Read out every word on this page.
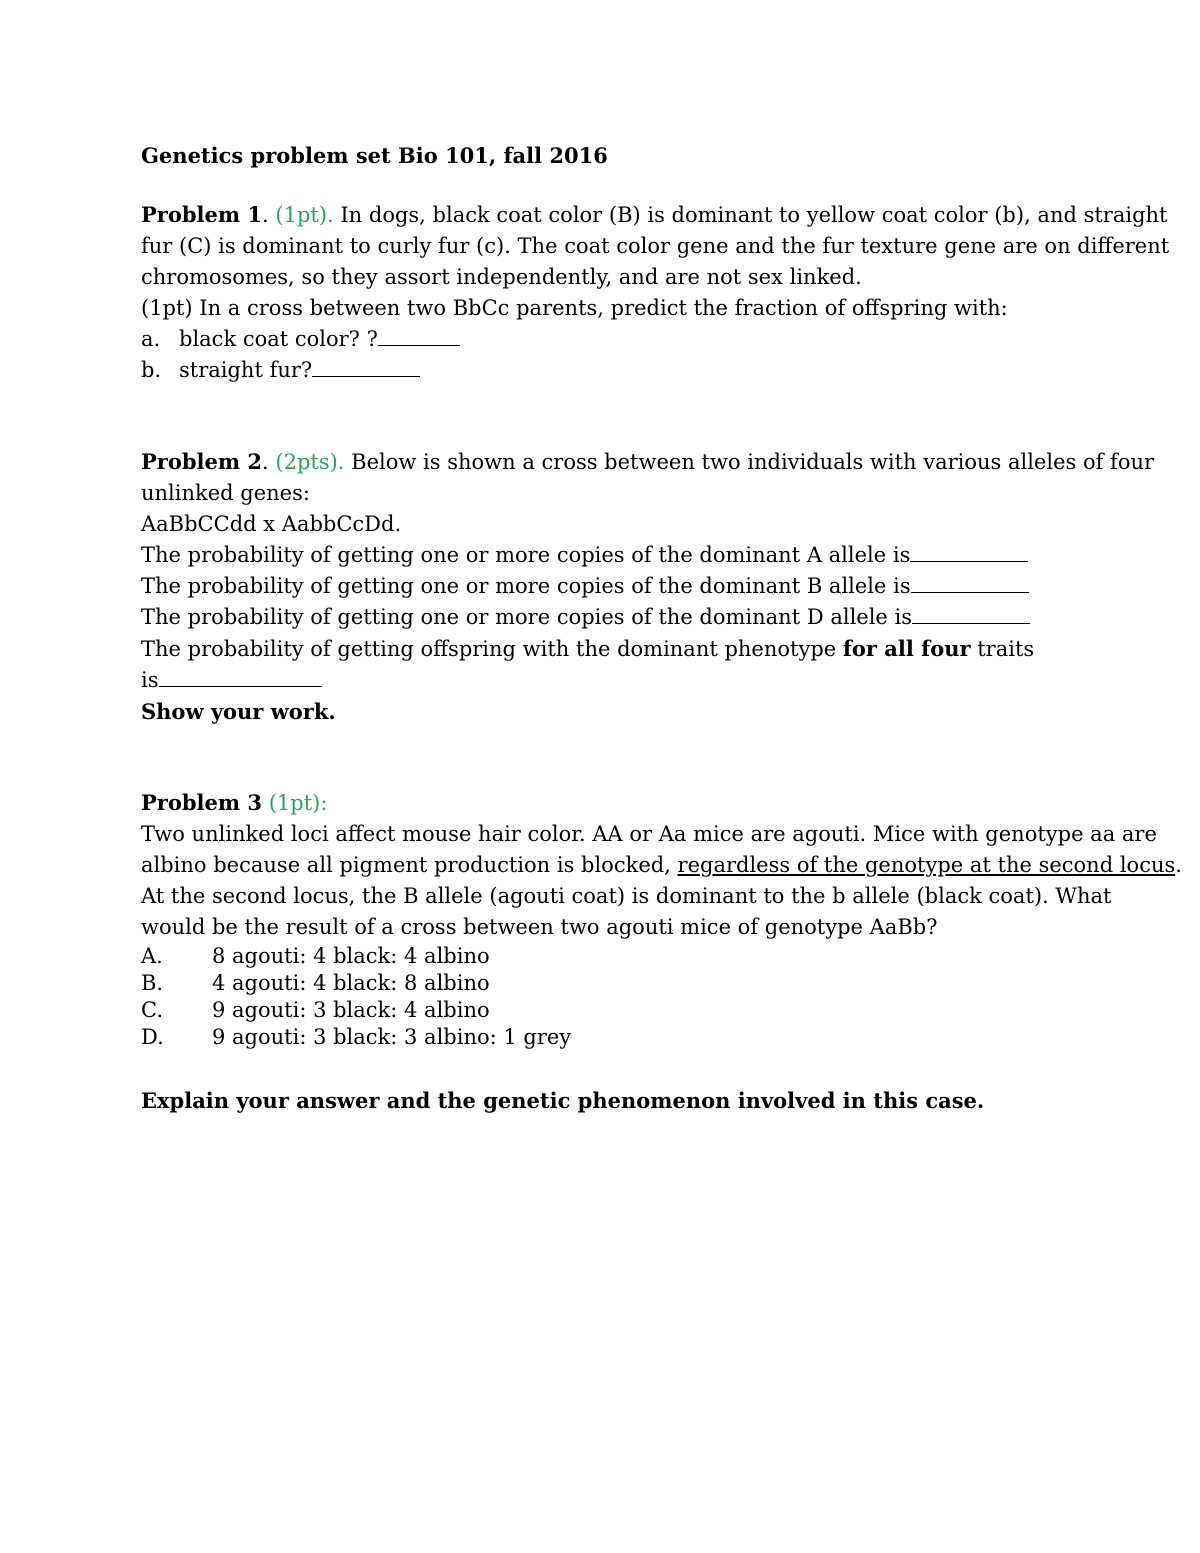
Genetics problem set Bio 101, fall 2016
Problem 1. (1pt). In dogs, black coat color (B) is dominant to yellow coat color (b), and straight
fur (C) is dominant to curly fur (c). The coat color gene and the fur texture gene are on different
chromosomes, so they assort independently, and are not sex linked.
(1pt) In a cross between two BbCc parents, predict the fraction of offspring with:
a. black coat color? ?
b. straight fur?
Problem 2. (2pts). Below is shown a cross between two individuals with various alleles of four
unlinked genes:
AaBbCCdd x AabbCcDd.
The probability of getting one or more copies of the dominant A allele is
The probability of getting one or more copies of the dominant B allele is
The probability of getting one or more copies of the dominant D allele is
The probability of getting offspring with the dominant phenotype for all four traits
is
Show your work.
Problem 3 (1pt):
Two unlinked loci affect mouse hair color. AA or Aa mice are agouti. Mice with genotype aa are
albino because all pigment production is blocked, regardless of the genotype at the second locus.
At the second locus, the B allele (agouti coat) is dominant to the b allele (black coat). What
would be the result of a cross between two agouti mice of genotype AaBb?
A.	8 agouti: 4 black: 4 albino
B.	4 agouti: 4 black: 8 albino
C.	9 agouti: 3 black: 4 albino
D.	9 agouti: 3 black: 3 albino: 1 grey
Explain your answer and the genetic phenomenon involved in this case.
